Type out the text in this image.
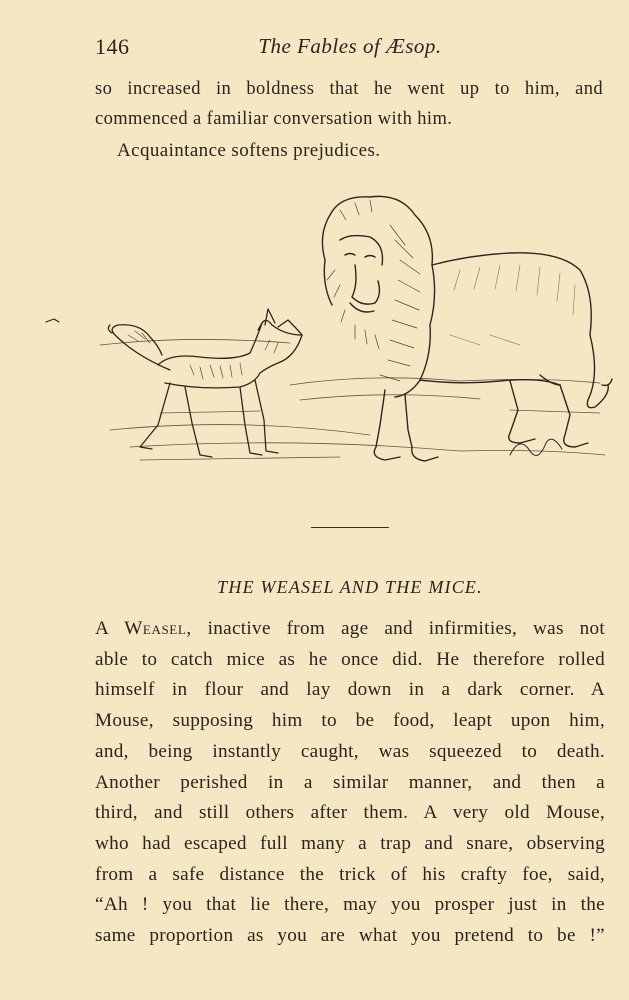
146	The Fables of Æsop.

so increased in boldness that he went up to him, and

commenced a familiar conversation with him.

Acquaintance softens prejudices.
THE WEASEL AND THE MICE.

A Weasel, inactive from age and infirmities, was not

able to catch mice as he once did. He therefore rolled

himself in flour and lay down in a dark corner. A

Mouse, supposing him to be food, leapt upon him,

and, being instantly caught, was squeezed to death.

Another perished in a similar manner, and then a

third, and still others after them. A very old Mouse,

who had escaped full many a trap and snare, observing

from a safe distance the trick of his crafty foe, said,

“Ah ! you that lie there, may you prosper just in the

same proportion as you are what you pretend to be !”
